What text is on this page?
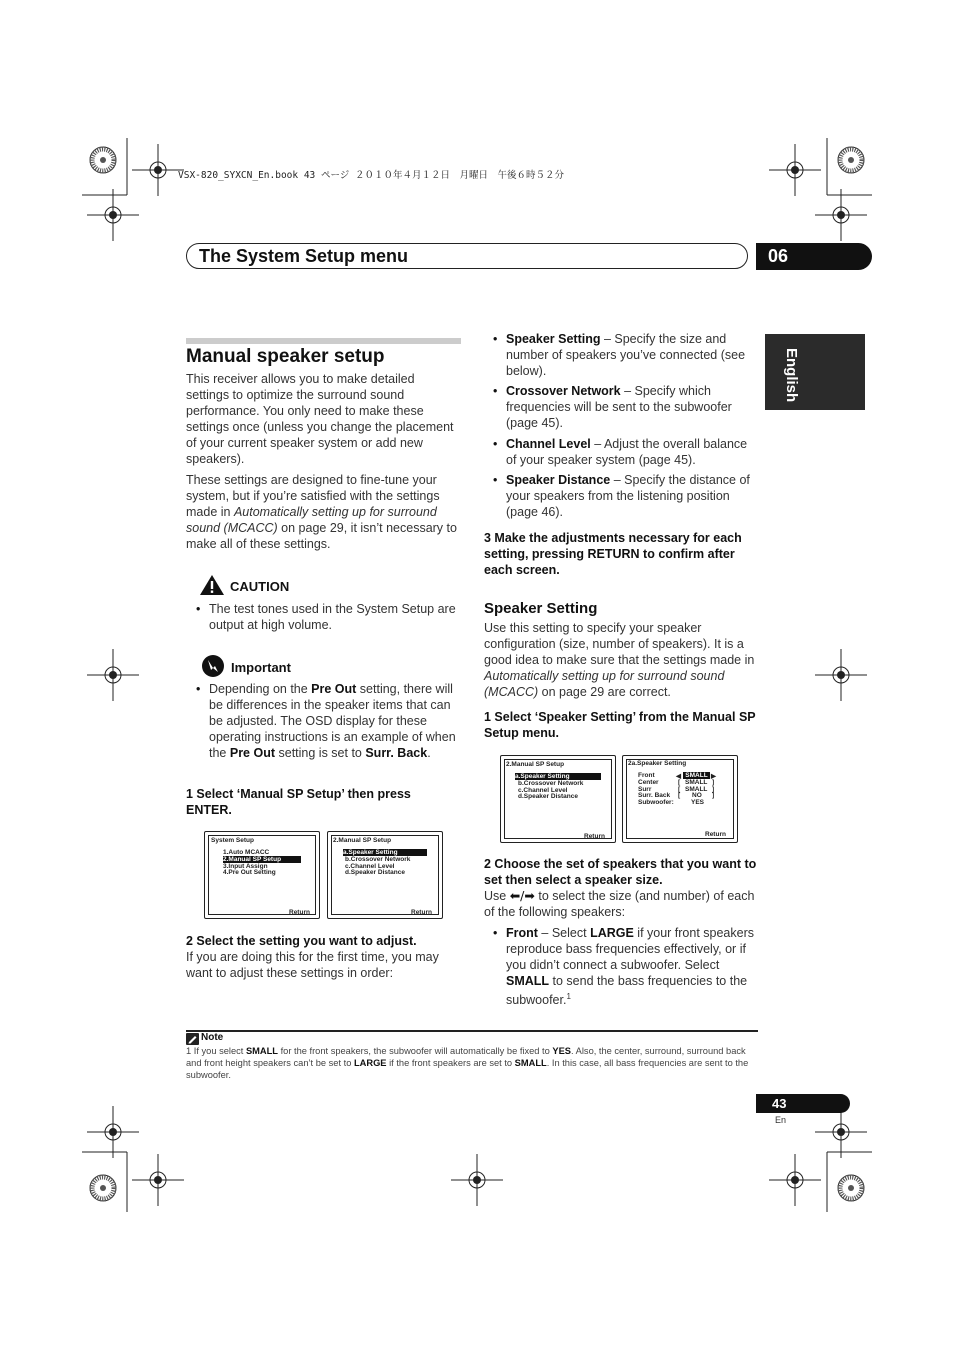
VSX-820_SYXCN_En.book 43 ページ ２０１０年４月１２日　月曜日　午後６時５２分
The System Setup menu	06
English
Manual speaker setup
This receiver allows you to make detailed settings to optimize the surround sound performance. You only need to make these settings once (unless you change the placement of your current speaker system or add new speakers).
These settings are designed to fine-tune your system, but if you’re satisfied with the settings made in Automatically setting up for surround sound (MCACC) on page 29, it isn’t necessary to make all of these settings.
CAUTION
• The test tones used in the System Setup are output at high volume.
Important
• Depending on the Pre Out setting, there will be differences in the speaker items that can be adjusted. The OSD display for these operating instructions is an example of when the Pre Out setting is set to Surr. Back.
1 Select ‘Manual SP Setup’ then press ENTER.
System Setup
1.Auto MCACC
2.Manual SP Setup
3.Input Assign
4.Pre Out Setting
Return
2.Manual SP Setup
a.Speaker Setting
b.Crossover Network
c.Channel Level
d.Speaker Distance
Return
2 Select the setting you want to adjust.
If you are doing this for the first time, you may want to adjust these settings in order:
• Speaker Setting – Specify the size and number of speakers you’ve connected (see below).
• Crossover Network – Specify which frequencies will be sent to the subwoofer (page 45).
• Channel Level – Adjust the overall balance of your speaker system (page 45).
• Speaker Distance – Specify the distance of your speakers from the listening position (page 46).
3 Make the adjustments necessary for each setting, pressing RETURN to confirm after each screen.
Speaker Setting
Use this setting to specify your speaker configuration (size, number of speakers). It is a good idea to make sure that the settings made in Automatically setting up for surround sound (MCACC) on page 29 are correct.
1 Select ‘Speaker Setting’ from the Manual SP Setup menu.
2.Manual SP Setup
a.Speaker Setting
b.Crossover Network
c.Channel Level
d.Speaker Distance
Return
2a.Speaker Setting
Front
Center
Surr
Surr. Back
Subwoofer:
◀ SMALL ▶
[ SMALL ]
[ SMALL ]
[ NO ]
YES
Return
2 Choose the set of speakers that you want to set then select a speaker size.
Use ⬅/➡ to select the size (and number) of each of the following speakers:
• Front – Select LARGE if your front speakers reproduce bass frequencies effectively, or if you didn’t connect a subwoofer. Select SMALL to send the bass frequencies to the subwoofer.$^1$
Note
1 If you select SMALL for the front speakers, the subwoofer will automatically be fixed to YES. Also, the center, surround, surround back and front height speakers can’t be set to LARGE if the front speakers are set to SMALL. In this case, all bass frequencies are sent to the subwoofer.
43
En
